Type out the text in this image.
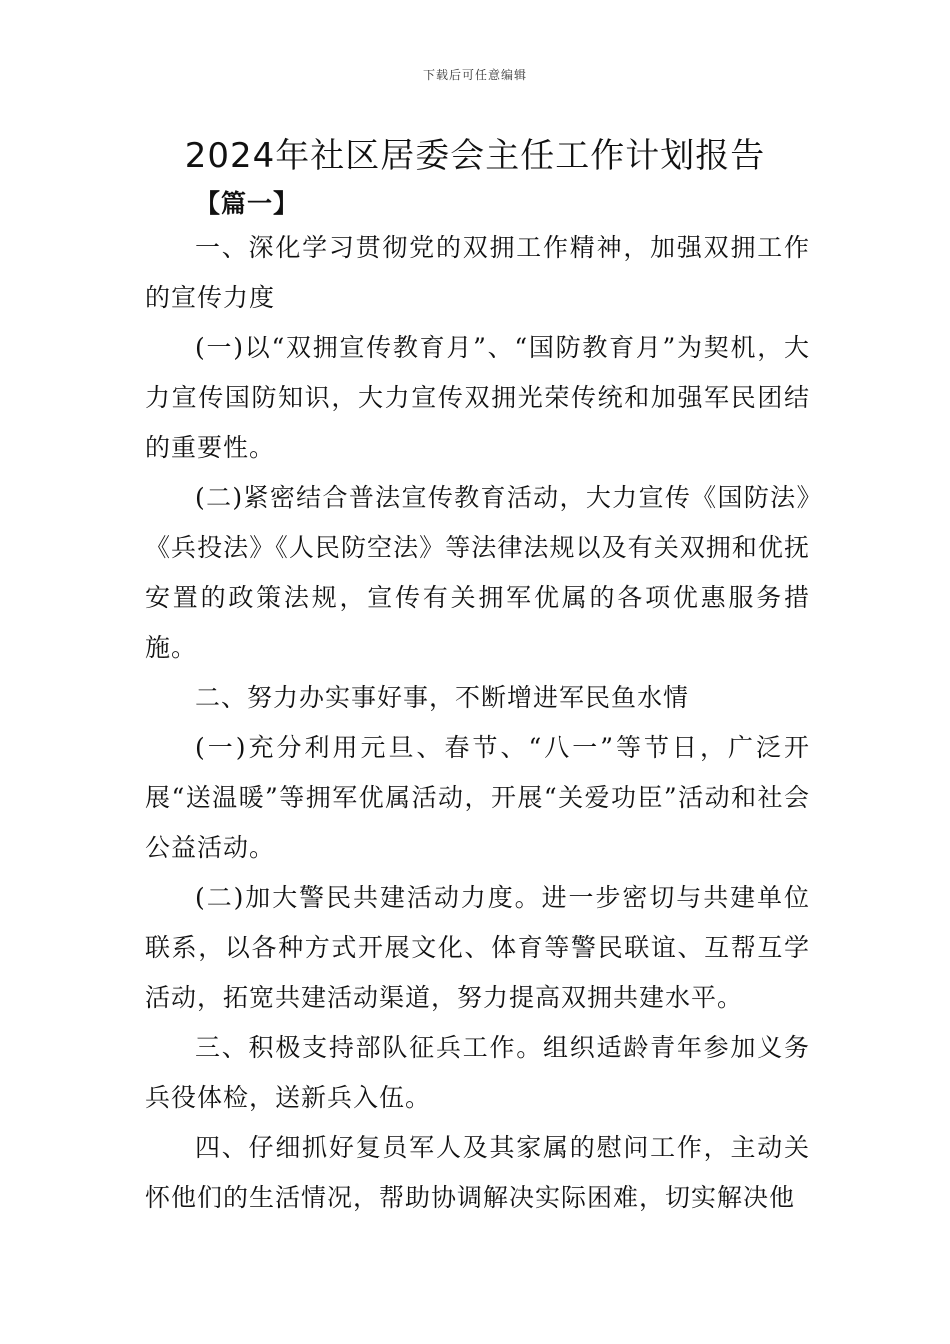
下载后可任意编辑
2024年社区居委会主任工作计划报告
【篇一】

一、深化学习贯彻党的双拥工作精神，加强双拥工作的宣传力度

(一)以“双拥宣传教育月”、“国防教育月”为契机，大力宣传国防知识，大力宣传双拥光荣传统和加强军民团结的重要性。

(二)紧密结合普法宣传教育活动，大力宣传《国防法》《兵投法》《人民防空法》等法律法规以及有关双拥和优抚安置的政策法规，宣传有关拥军优属的各项优惠服务措施。

二、努力办实事好事，不断增进军民鱼水情

(一)充分利用元旦、春节、“八一”等节日，广泛开展“送温暖”等拥军优属活动，开展“关爱功臣”活动和社会公益活动。

(二)加大警民共建活动力度。进一步密切与共建单位联系，以各种方式开展文化、体育等警民联谊、互帮互学活动，拓宽共建活动渠道，努力提高双拥共建水平。

三、积极支持部队征兵工作。组织适龄青年参加义务兵役体检，送新兵入伍。

四、仔细抓好复员军人及其家属的慰问工作，主动关怀他们的生活情况，帮助协调解决实际困难，切实解决他
